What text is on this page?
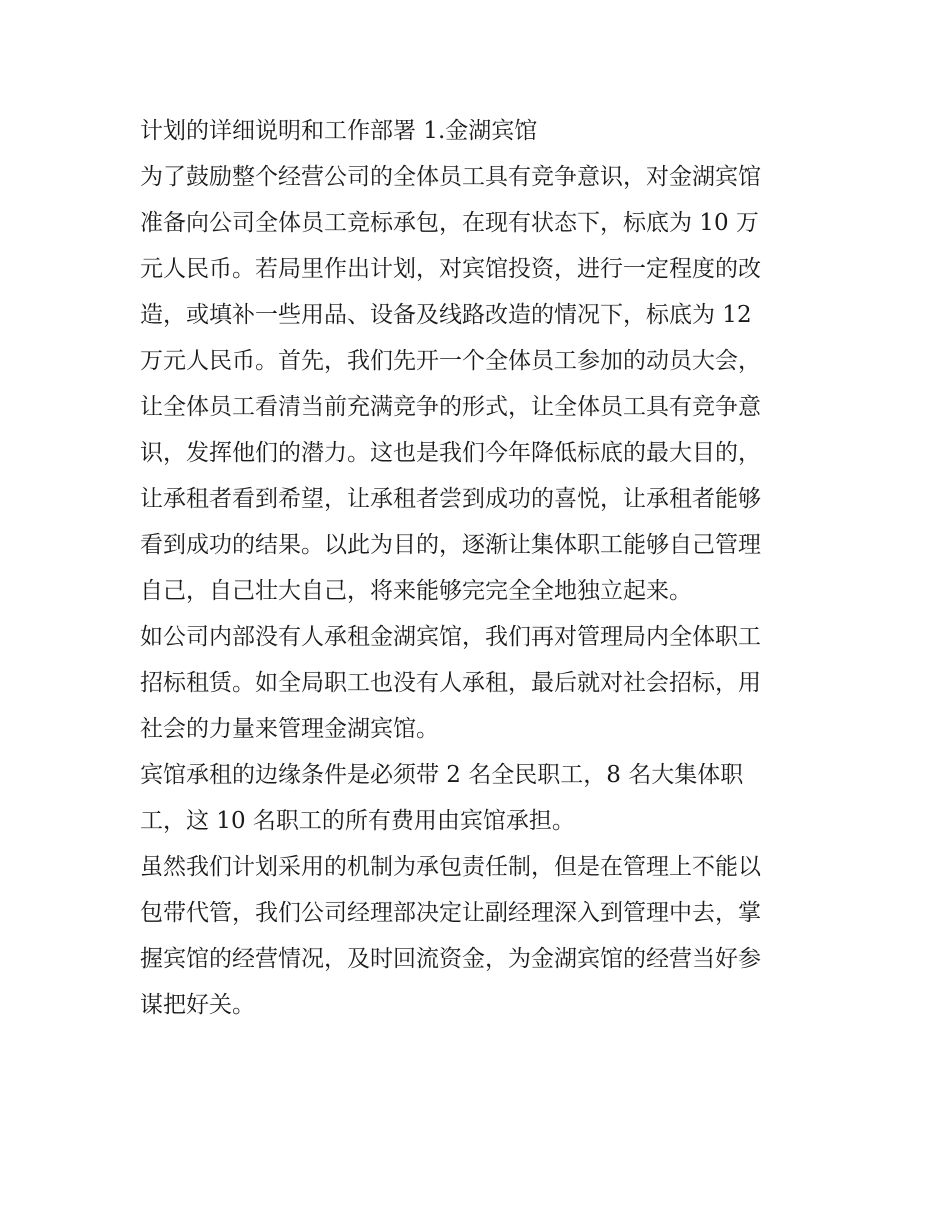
计划的详细说明和工作部署 1.金湖宾馆
为了鼓励整个经营公司的全体员工具有竞争意识，对金湖宾馆
准备向公司全体员工竞标承包，在现有状态下，标底为 10 万
元人民币。若局里作出计划，对宾馆投资，进行一定程度的改
造，或填补一些用品、设备及线路改造的情况下，标底为 12
万元人民币。首先，我们先开一个全体员工参加的动员大会，
让全体员工看清当前充满竞争的形式，让全体员工具有竞争意
识，发挥他们的潜力。这也是我们今年降低标底的最大目的，
让承租者看到希望，让承租者尝到成功的喜悦，让承租者能够
看到成功的结果。以此为目的，逐渐让集体职工能够自己管理
自己，自己壮大自己，将来能够完完全全地独立起来。
如公司内部没有人承租金湖宾馆，我们再对管理局内全体职工
招标租赁。如全局职工也没有人承租，最后就对社会招标，用
社会的力量来管理金湖宾馆。
宾馆承租的边缘条件是必须带 2 名全民职工，8 名大集体职
工，这 10 名职工的所有费用由宾馆承担。
虽然我们计划采用的机制为承包责任制，但是在管理上不能以
包带代管，我们公司经理部决定让副经理深入到管理中去，掌
握宾馆的经营情况，及时回流资金，为金湖宾馆的经营当好参
谋把好关。
